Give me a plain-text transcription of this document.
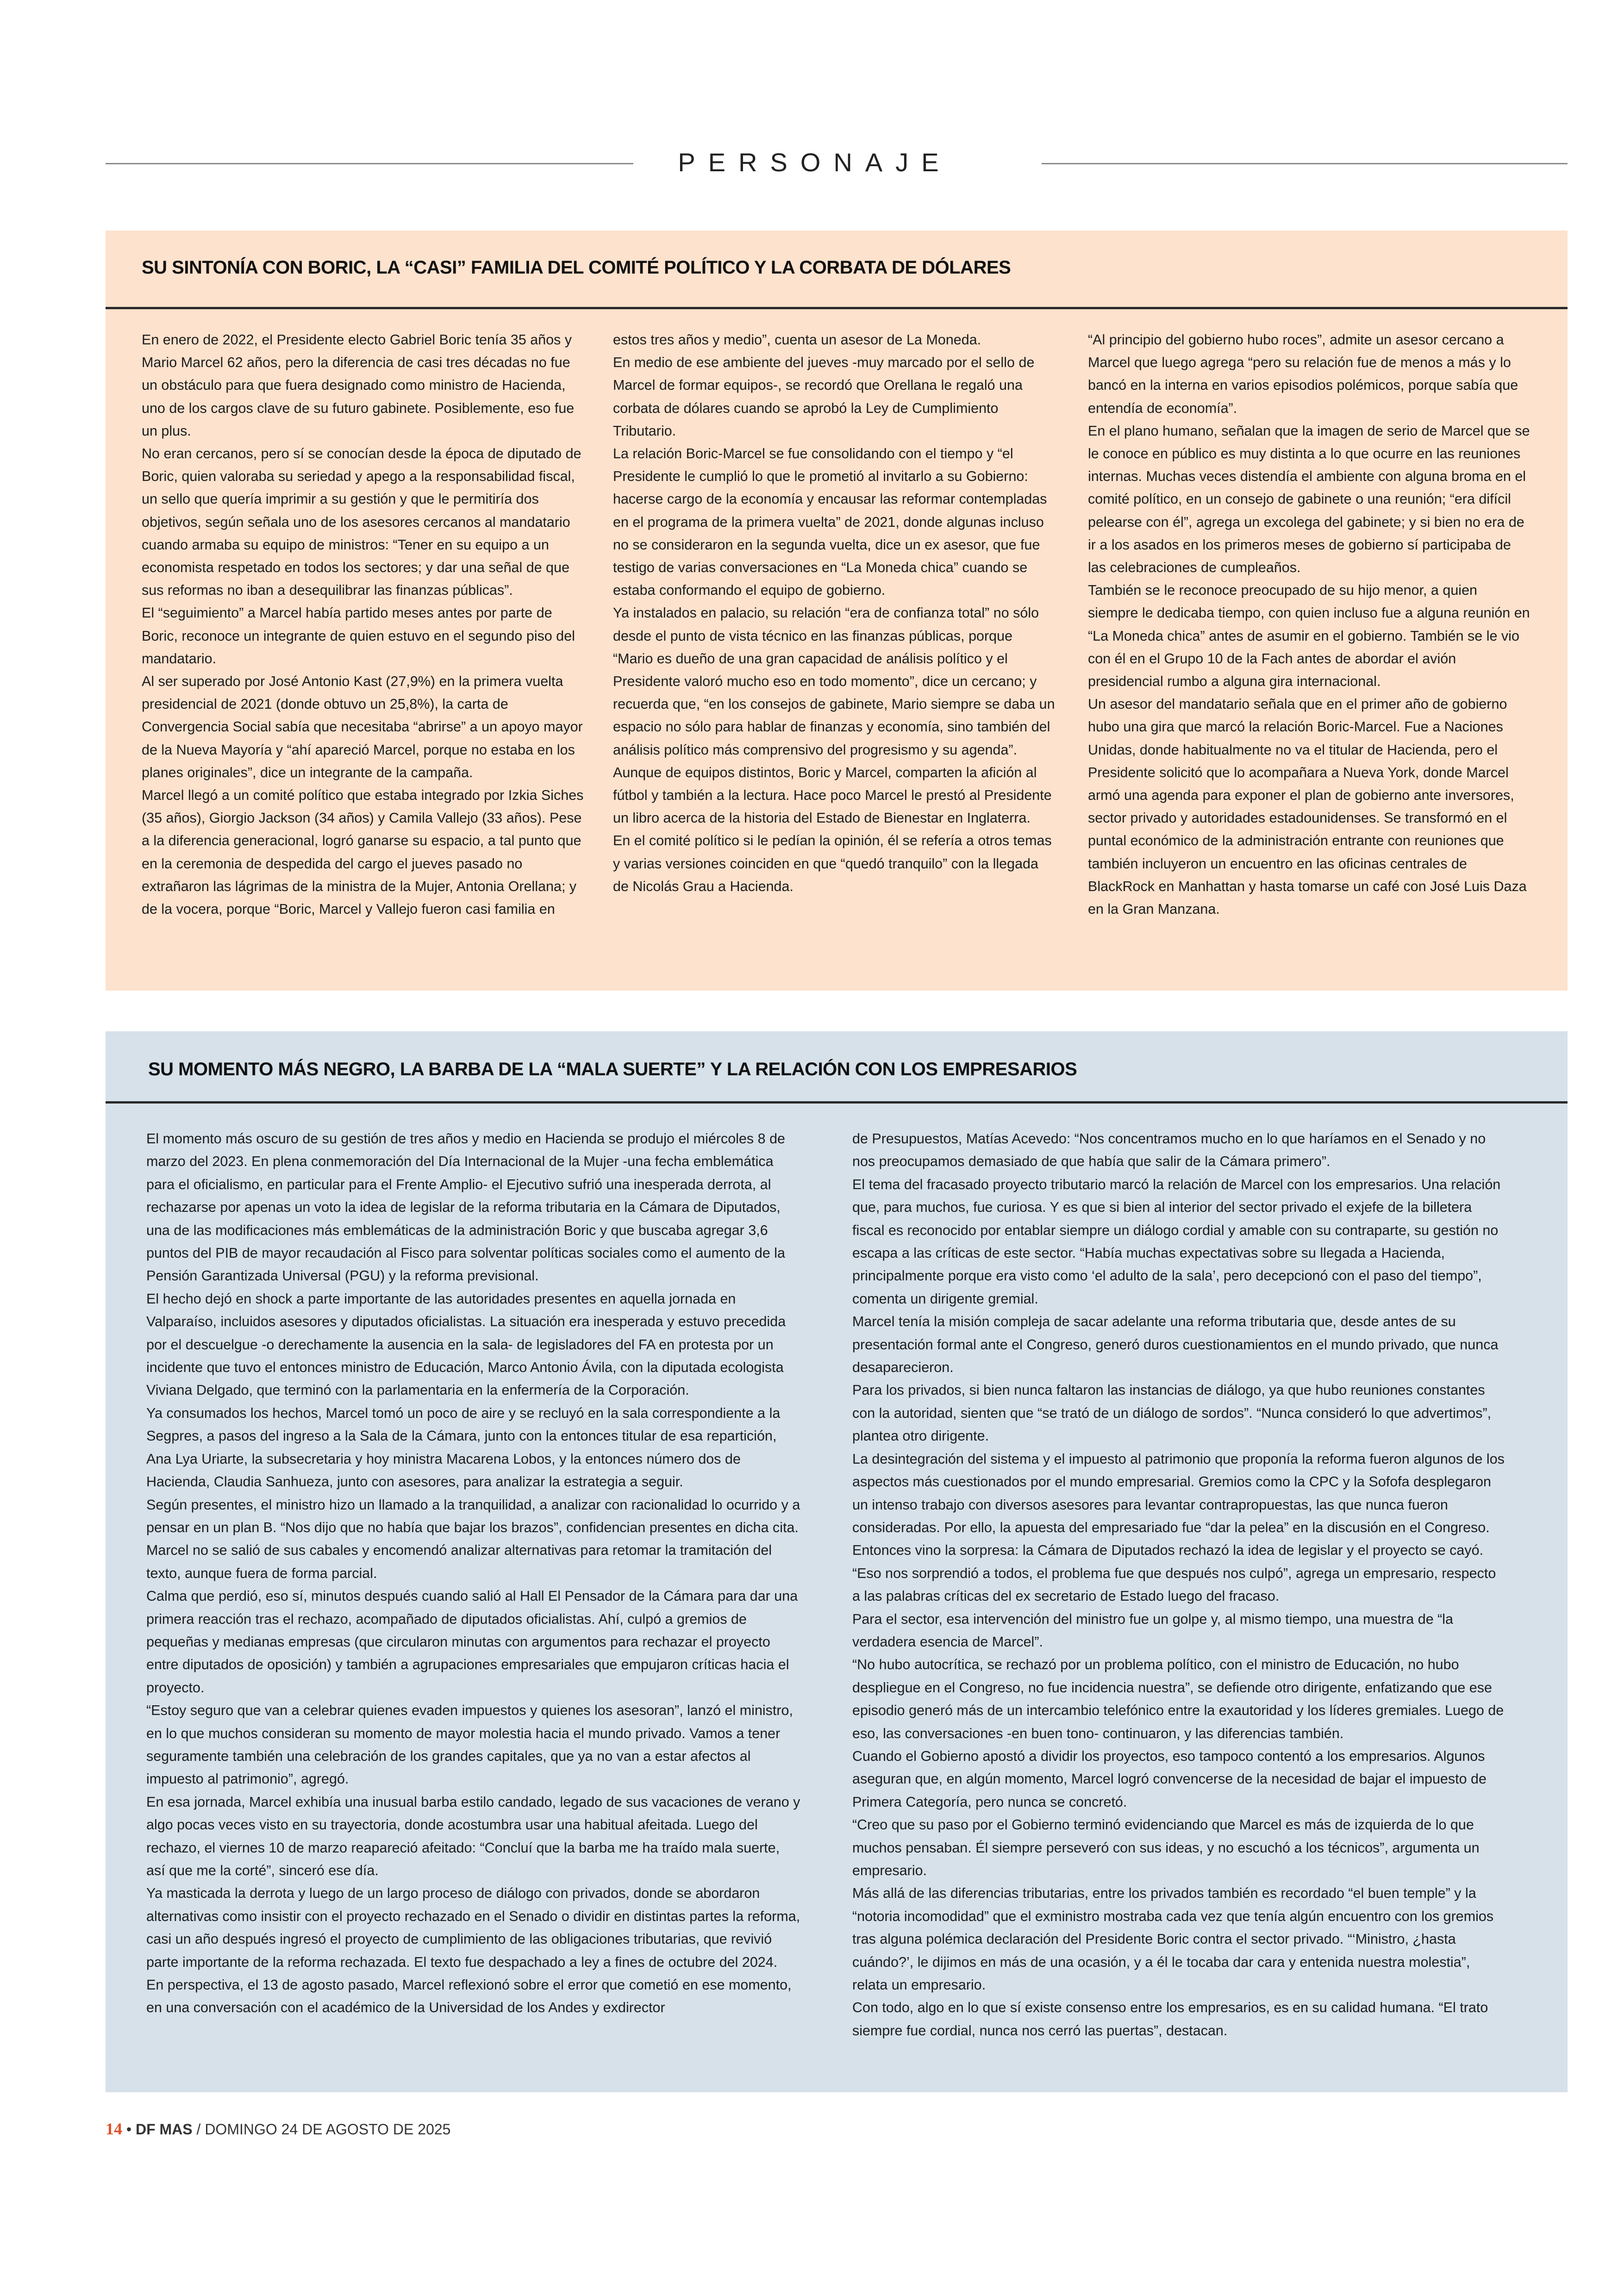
PERSONAJE
SU SINTONÍA CON BORIC, LA “CASI” FAMILIA DEL COMITÉ POLÍTICO Y LA CORBATA DE DÓLARES

En enero de 2022, el Presidente electo Gabriel Boric tenía 35 años y Mario Marcel 62 años, pero la diferencia de casi tres décadas no fue un obstáculo para que fuera designado como ministro de Hacienda, uno de los cargos clave de su futuro gabinete. Posiblemente, eso fue un plus.

No eran cercanos, pero sí se conocían desde la época de diputado de Boric, quien valoraba su seriedad y apego a la responsabilidad fiscal, un sello que quería imprimir a su gestión y que le permitiría dos objetivos, según señala uno de los asesores cercanos al mandatario cuando armaba su equipo de ministros: “Tener en su equipo a un economista respetado en todos los sectores; y dar una señal de que sus reformas no iban a desequilibrar las finanzas públicas”.

El “seguimiento” a Marcel había partido meses antes por parte de Boric, reconoce un integrante de quien estuvo en el segundo piso del mandatario.

Al ser superado por José Antonio Kast (27,9%) en la primera vuelta presidencial de 2021 (donde obtuvo un 25,8%), la carta de Convergencia Social sabía que necesitaba “abrirse” a un apoyo mayor de la Nueva Mayoría y “ahí apareció Marcel, porque no estaba en los planes originales”, dice un integrante de la campaña.

Marcel llegó a un comité político que estaba integrado por Izkia Siches (35 años), Giorgio Jackson (34 años) y Camila Vallejo (33 años). Pese a la diferencia generacional, logró ganarse su espacio, a tal punto que en la ceremonia de despedida del cargo el jueves pasado no extrañaron las lágrimas de la ministra de la Mujer, Antonia Orellana; y de la vocera, porque “Boric, Marcel y Vallejo fueron casi familia en

estos tres años y medio”, cuenta un asesor de La Moneda.

En medio de ese ambiente del jueves -muy marcado por el sello de Marcel de formar equipos-, se recordó que Orellana le regaló una corbata de dólares cuando se aprobó la Ley de Cumplimiento Tributario.

La relación Boric-Marcel se fue consolidando con el tiempo y “el Presidente le cumplió lo que le prometió al invitarlo a su Gobierno: hacerse cargo de la economía y encausar las reformar contempladas en el programa de la primera vuelta” de 2021, donde algunas incluso no se consideraron en la segunda vuelta, dice un ex asesor, que fue testigo de varias conversaciones en “La Moneda chica” cuando se estaba conformando el equipo de gobierno.

Ya instalados en palacio, su relación “era de confianza total” no sólo desde el punto de vista técnico en las finanzas públicas, porque “Mario es dueño de una gran capacidad de análisis político y el Presidente valoró mucho eso en todo momento”, dice un cercano; y recuerda que, “en los consejos de gabinete, Mario siempre se daba un espacio no sólo para hablar de finanzas y economía, sino también del análisis político más comprensivo del progresismo y su agenda”.

Aunque de equipos distintos, Boric y Marcel, comparten la afición al fútbol y también a la lectura. Hace poco Marcel le prestó al Presidente un libro acerca de la historia del Estado de Bienestar en Inglaterra.

En el comité político si le pedían la opinión, él se refería a otros temas y varias versiones coinciden en que “quedó tranquilo” con la llegada de Nicolás Grau a Hacienda.

“Al principio del gobierno hubo roces”, admite un asesor cercano a Marcel que luego agrega “pero su relación fue de menos a más y lo bancó en la interna en varios episodios polémicos, porque sabía que entendía de economía”.

En el plano humano, señalan que la imagen de serio de Marcel que se le conoce en público es muy distinta a lo que ocurre en las reuniones internas. Muchas veces distendía el ambiente con alguna broma en el comité político, en un consejo de gabinete o una reunión; “era difícil pelearse con él”, agrega un excolega del gabinete; y si bien no era de ir a los asados en los primeros meses de gobierno sí participaba de las celebraciones de cumpleaños.

También se le reconoce preocupado de su hijo menor, a quien siempre le dedicaba tiempo, con quien incluso fue a alguna reunión en “La Moneda chica” antes de asumir en el gobierno. También se le vio con él en el Grupo 10 de la Fach antes de abordar el avión presidencial rumbo a alguna gira internacional.

Un asesor del mandatario señala que en el primer año de gobierno hubo una gira que marcó la relación Boric-Marcel. Fue a Naciones Unidas, donde habitualmente no va el titular de Hacienda, pero el Presidente solicitó que lo acompañara a Nueva York, donde Marcel armó una agenda para exponer el plan de gobierno ante inversores, sector privado y autoridades estadounidenses. Se transformó en el puntal económico de la administración entrante con reuniones que también incluyeron un encuentro en las oficinas centrales de BlackRock en Manhattan y hasta tomarse un café con José Luis Daza en la Gran Manzana.

SU MOMENTO MÁS NEGRO, LA BARBA DE LA “MALA SUERTE” Y LA RELACIÓN CON LOS EMPRESARIOS

El momento más oscuro de su gestión de tres años y medio en Hacienda se produjo el miércoles 8 de marzo del 2023. En plena conmemoración del Día Internacional de la Mujer -una fecha emblemática para el oficialismo, en particular para el Frente Amplio- el Ejecutivo sufrió una inesperada derrota, al rechazarse por apenas un voto la idea de legislar de la reforma tributaria en la Cámara de Diputados, una de las modificaciones más emblemáticas de la administración Boric y que buscaba agregar 3,6 puntos del PIB de mayor recaudación al Fisco para solventar políticas sociales como el aumento de la Pensión Garantizada Universal (PGU) y la reforma previsional.

El hecho dejó en shock a parte importante de las autoridades presentes en aquella jornada en Valparaíso, incluidos asesores y diputados oficialistas. La situación era inesperada y estuvo precedida por el descuelgue -o derechamente la ausencia en la sala- de legisladores del FA en protesta por un incidente que tuvo el entonces ministro de Educación, Marco Antonio Ávila, con la diputada ecologista Viviana Delgado, que terminó con la parlamentaria en la enfermería de la Corporación.

Ya consumados los hechos, Marcel tomó un poco de aire y se recluyó en la sala correspondiente a la Segpres, a pasos del ingreso a la Sala de la Cámara, junto con la entonces titular de esa repartición, Ana Lya Uriarte, la subsecretaria y hoy ministra Macarena Lobos, y la entonces número dos de Hacienda, Claudia Sanhueza, junto con asesores, para analizar la estrategia a seguir.

Según presentes, el ministro hizo un llamado a la tranquilidad, a analizar con racionalidad lo ocurrido y a pensar en un plan B. “Nos dijo que no había que bajar los brazos”, confidencian presentes en dicha cita. Marcel no se salió de sus cabales y encomendó analizar alternativas para retomar la tramitación del texto, aunque fuera de forma parcial.

Calma que perdió, eso sí, minutos después cuando salió al Hall El Pensador de la Cámara para dar una primera reacción tras el rechazo, acompañado de diputados oficialistas. Ahí, culpó a gremios de pequeñas y medianas empresas (que circularon minutas con argumentos para rechazar el proyecto entre diputados de oposición) y también a agrupaciones empresariales que empujaron críticas hacia el proyecto.

“Estoy seguro que van a celebrar quienes evaden impuestos y quienes los asesoran”, lanzó el ministro, en lo que muchos consideran su momento de mayor molestia hacia el mundo privado. Vamos a tener seguramente también una celebración de los grandes capitales, que ya no van a estar afectos al impuesto al patrimonio”, agregó.

En esa jornada, Marcel exhibía una inusual barba estilo candado, legado de sus vacaciones de verano y algo pocas veces visto en su trayectoria, donde acostumbra usar una habitual afeitada. Luego del rechazo, el viernes 10 de marzo reapareció afeitado: “Concluí que la barba me ha traído mala suerte, así que me la corté”, sinceró ese día.

Ya masticada la derrota y luego de un largo proceso de diálogo con privados, donde se abordaron alternativas como insistir con el proyecto rechazado en el Senado o dividir en distintas partes la reforma, casi un año después ingresó el proyecto de cumplimiento de las obligaciones tributarias, que revivió parte importante de la reforma rechazada. El texto fue despachado a ley a fines de octubre del 2024.

En perspectiva, el 13 de agosto pasado, Marcel reflexionó sobre el error que cometió en ese momento, en una conversación con el académico de la Universidad de los Andes y exdirector

de Presupuestos, Matías Acevedo: “Nos concentramos mucho en lo que haríamos en el Senado y no nos preocupamos demasiado de que había que salir de la Cámara primero”.

El tema del fracasado proyecto tributario marcó la relación de Marcel con los empresarios. Una relación que, para muchos, fue curiosa. Y es que si bien al interior del sector privado el exjefe de la billetera fiscal es reconocido por entablar siempre un diálogo cordial y amable con su contraparte, su gestión no escapa a las críticas de este sector. “Había muchas expectativas sobre su llegada a Hacienda, principalmente porque era visto como ‘el adulto de la sala’, pero decepcionó con el paso del tiempo”, comenta un dirigente gremial.

Marcel tenía la misión compleja de sacar adelante una reforma tributaria que, desde antes de su presentación formal ante el Congreso, generó duros cuestionamientos en el mundo privado, que nunca desaparecieron.

Para los privados, si bien nunca faltaron las instancias de diálogo, ya que hubo reuniones constantes con la autoridad, sienten que “se trató de un diálogo de sordos”. “Nunca consideró lo que advertimos”, plantea otro dirigente.

La desintegración del sistema y el impuesto al patrimonio que proponía la reforma fueron algunos de los aspectos más cuestionados por el mundo empresarial. Gremios como la CPC y la Sofofa desplegaron un intenso trabajo con diversos asesores para levantar contrapropuestas, las que nunca fueron consideradas. Por ello, la apuesta del empresariado fue “dar la pelea” en la discusión en el Congreso. Entonces vino la sorpresa: la Cámara de Diputados rechazó la idea de legislar y el proyecto se cayó. “Eso nos sorprendió a todos, el problema fue que después nos culpó”, agrega un empresario, respecto a las palabras críticas del ex secretario de Estado luego del fracaso.

Para el sector, esa intervención del ministro fue un golpe y, al mismo tiempo, una muestra de “la verdadera esencia de Marcel”.

“No hubo autocrítica, se rechazó por un problema político, con el ministro de Educación, no hubo despliegue en el Congreso, no fue incidencia nuestra”, se defiende otro dirigente, enfatizando que ese episodio generó más de un intercambio telefónico entre la exautoridad y los líderes gremiales. Luego de eso, las conversaciones -en buen tono- continuaron, y las diferencias también.

Cuando el Gobierno apostó a dividir los proyectos, eso tampoco contentó a los empresarios. Algunos aseguran que, en algún momento, Marcel logró convencerse de la necesidad de bajar el impuesto de Primera Categoría, pero nunca se concretó.

“Creo que su paso por el Gobierno terminó evidenciando que Marcel es más de izquierda de lo que muchos pensaban. Él siempre perseveró con sus ideas, y no escuchó a los técnicos”, argumenta un empresario.

Más allá de las diferencias tributarias, entre los privados también es recordado “el buen temple” y la “notoria incomodidad” que el exministro mostraba cada vez que tenía algún encuentro con los gremios tras alguna polémica declaración del Presidente Boric contra el sector privado. “‘Ministro, ¿hasta cuándo?’, le dijimos en más de una ocasión, y a él le tocaba dar cara y entenida nuestra molestia”, relata un empresario.

Con todo, algo en lo que sí existe consenso entre los empresarios, es en su calidad humana. “El trato siempre fue cordial, nunca nos cerró las puertas”, destacan.

14 • DF MAS / DOMINGO 24 DE AGOSTO DE 2025
